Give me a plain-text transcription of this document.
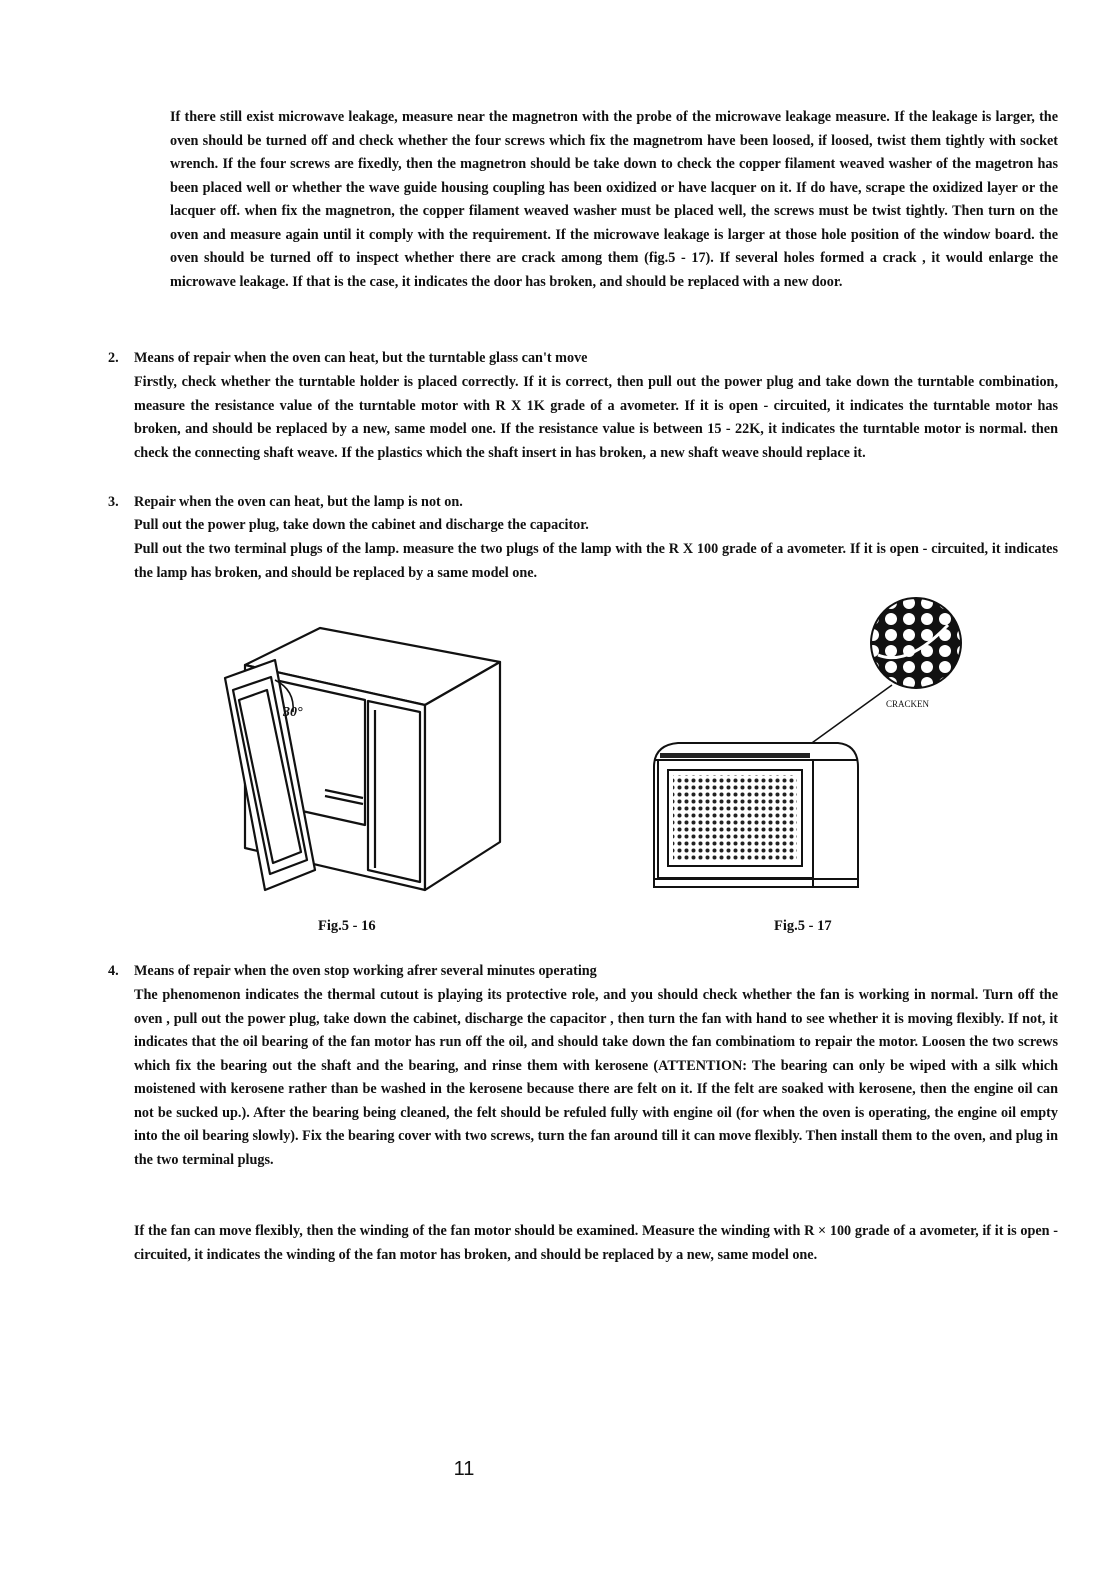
If there still exist microwave leakage, measure near the magnetron with the probe of the microwave leakage measure. If the leakage is larger, the oven should be turned off and check whether the four screws which fix the magnetrom have been loosed, if loosed, twist them tightly with socket wrench. If the four screws are fixedly, then the magnetron should be take down to check the copper filament weaved washer of the magetron has been placed well or whether the wave guide housing coupling has been oxidized or have lacquer on it. If do have, scrape the oxidized layer or the lacquer off. when fix the magnetron, the copper filament weaved washer must be placed well, the screws must be twist tightly. Then turn on the oven and measure again until it comply with the requirement. If the microwave leakage is larger at those hole position of the window board. the oven should be turned off to inspect whether there are crack among them (fig.5 - 17). If several holes formed a crack , it would enlarge the microwave leakage. If that is the case, it indicates the door has broken, and should be replaced with a new door.

2. Means of repair when the oven can heat, but the turntable glass can't move

Firstly, check whether the turntable holder is placed correctly. If it is correct, then pull out the power plug and take down the turntable combination, measure the resistance value of the turntable motor with R X 1K grade of a avometer. If it is open - circuited, it indicates the turntable motor has broken, and should be replaced by a new, same model one. If the resistance value is between 15 - 22K, it indicates the turntable motor is normal. then check the connecting shaft weave. If the plastics which the shaft insert in has broken, a new shaft weave should replace it.

3. Repair when the oven can heat, but the lamp is not on.

Pull out the power plug, take down the cabinet and discharge the capacitor.

Pull out the two terminal plugs of the lamp. measure the two plugs of the lamp with the R X 100 grade of a avometer. If it is open - circuited, it indicates the lamp has broken, and should be replaced by a same model one.

30°
Fig.5 - 16
CRACKEN
Fig.5 - 17
4. Means of repair when the oven stop working afrer several minutes operating

The phenomenon indicates the thermal cutout is playing its protective role, and you should check whether the fan is working in normal. Turn off the oven , pull out the power plug, take down the cabinet, discharge the capacitor , then turn the fan with hand to see whether it is moving flexibly. If not, it indicates that the oil bearing of the fan motor has run off the oil, and should take down the fan combinatiom to repair the motor. Loosen the two screws which fix the bearing out the shaft and the bearing, and rinse them with kerosene (ATTENTION: The bearing can only be wiped with a silk which moistened with kerosene rather than be washed in the kerosene because there are felt on it. If the felt are soaked with kerosene, then the engine oil can not be sucked up.). After the bearing being cleaned, the felt should be refuled fully with engine oil (for when the oven is operating, the engine oil empty into the oil bearing slowly). Fix the bearing cover with two screws, turn the fan around till it can move flexibly. Then install them to the oven, and plug in the two terminal plugs.

If the fan can move flexibly, then the winding of the fan motor should be examined. Measure the winding with R × 100 grade of a avometer, if it is open - circuited, it indicates the winding of the fan motor has broken, and should be replaced by a new, same model one.

11
